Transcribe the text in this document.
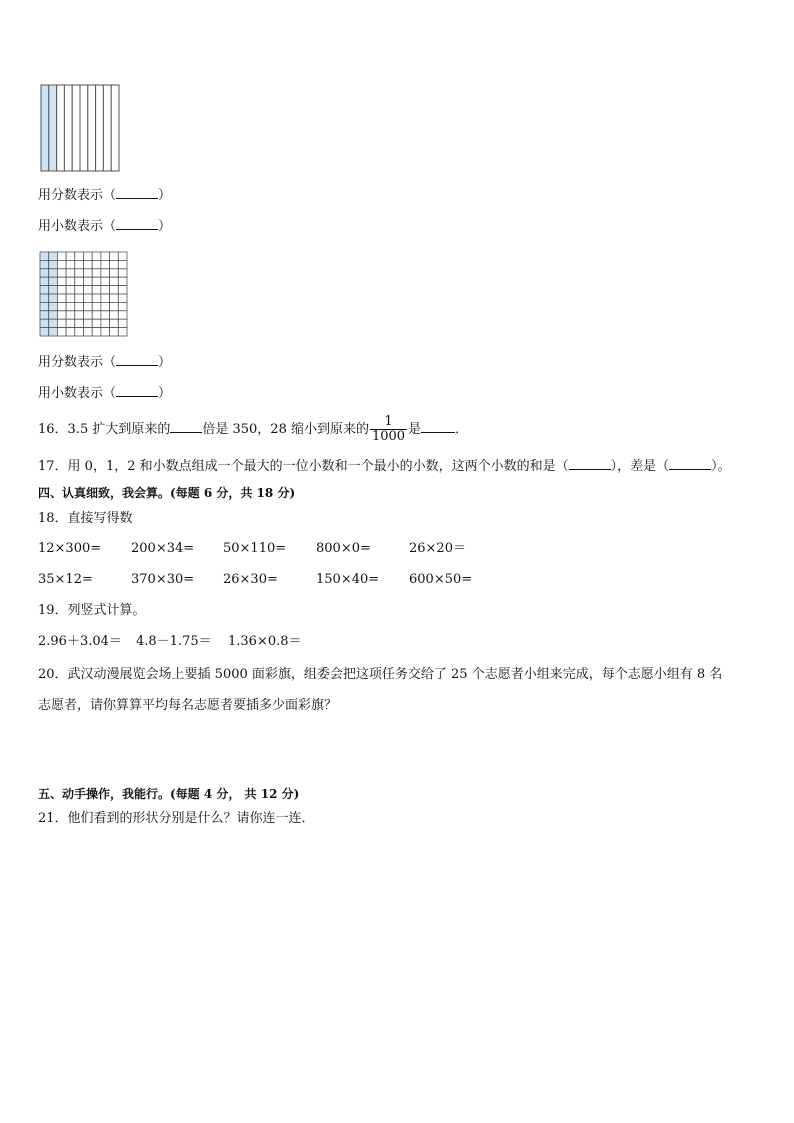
用分数表示（	）
用小数表示（	）
用分数表示（	）
用小数表示（	）
16．3.5 扩大到原来的 倍是 350，28 缩小到原来的 $\frac{1}{1000}$ 是	．
17．用 0，1，2 和小数点组成一个最大的一位小数和一个最小的小数，这两个小数的和是（	），差是（	）。
四、认真细致，我会算。(每题 6 分，共 18 分)
18．直接写得数
12×300= 200×34= 50×110= 800×0=	26×20＝
35×12=	370×30= 26×30=	150×40= 600×50=
19．列竖式计算。
2.96＋3.04＝ 4.8－1.75＝ 1.36×0.8＝
20．武汉动漫展览会场上要插 5000 面彩旗，组委会把这项任务交给了 25 个志愿者小组来完成，每个志愿小组有 8 名
志愿者，请你算算平均每名志愿者要插多少面彩旗？
五、动手操作，我能行。(每题 4 分， 共 12 分)
21．他们看到的形状分别是什么？请你连一连．
